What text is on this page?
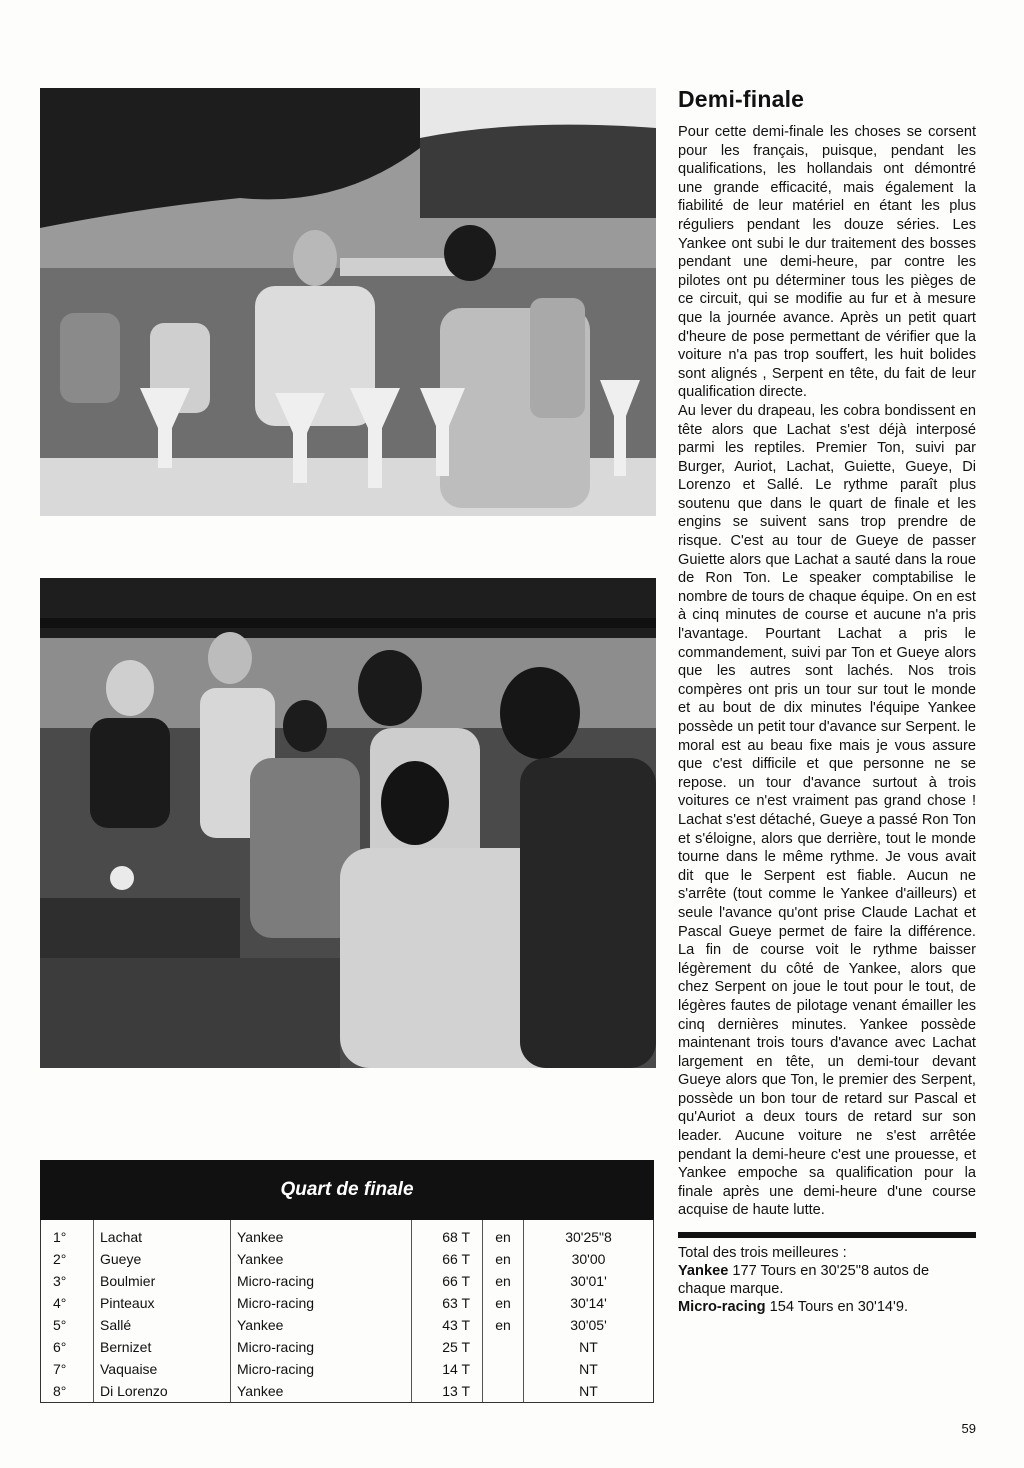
Demi-finale

Pour cette demi-finale les choses se corsent pour les français, puisque, pendant les qualifications, les hollandais ont démontré une grande efficacité, mais également la fiabilité de leur matériel en étant les plus réguliers pendant les douze séries. Les Yankee ont subi le dur traitement des bosses pendant une demi-heure, par contre les pilotes ont pu déterminer tous les pièges de ce circuit, qui se modifie au fur et à mesure que la journée avance. Après un petit quart d'heure de pose permettant de vérifier que la voiture n'a pas trop souffert, les huit bolides sont alignés , Serpent en tête, du fait de leur qualification directe.
Au lever du drapeau, les cobra bondissent en tête alors que Lachat s'est déjà interposé parmi les reptiles. Premier Ton, suivi par Burger, Auriot, Lachat, Guiette, Gueye, Di Lorenzo et Sallé. Le rythme paraît plus soutenu que dans le quart de finale et les engins se suivent sans trop prendre de risque. C'est au tour de Gueye de passer Guiette alors que Lachat a sauté dans la roue de Ron Ton. Le speaker comptabilise le nombre de tours de chaque équipe. On en est à cinq minutes de course et aucune n'a pris l'avantage. Pourtant Lachat a pris le commandement, suivi par Ton et Gueye alors que les autres sont lachés. Nos trois compères ont pris un tour sur tout le monde et au bout de dix minutes l'équipe Yankee possède un petit tour d'avance sur Serpent. le moral est au beau fixe mais je vous assure que c'est difficile et que personne ne se repose. un tour d'avance surtout à trois voitures ce n'est vraiment pas grand chose ! Lachat s'est détaché, Gueye a passé Ron Ton et s'éloigne, alors que derrière, tout le monde tourne dans le même rythme. Je vous avait dit que le Serpent est fiable. Aucun ne s'arrête (tout comme le Yankee d'ailleurs) et seule l'avance qu'ont prise Claude Lachat et Pascal Gueye permet de faire la différence. La fin de course voit le rythme baisser légèrement du côté de Yankee, alors que chez Serpent on joue le tout pour le tout, de légères fautes de pilotage venant émailler les cinq dernières minutes. Yankee possède maintenant trois tours d'avance avec Lachat largement en tête, un demi-tour devant Gueye alors que Ton, le premier des Serpent, possède un bon tour de retard sur Pascal et qu'Auriot a deux tours de retard sur son leader. Aucune voiture ne s'est arrêtée pendant la demi-heure c'est une prouesse, et Yankee empoche sa qualification pour la finale après une demi-heure d'une course acquise de haute lutte.

Total des trois meilleures :
Yankee 177 Tours en 30'25"8 autos de chaque marque.
Micro-racing 154 Tours en 30'14'9.

Quart de finale
1°	Lachat	Yankee	68 T	en	30'25"8
2°	Gueye	Yankee	66 T	en	30'00
3°	Boulmier	Micro-racing	66 T	en	30'01'
4°	Pinteaux	Micro-racing	63 T	en	30'14'
5°	Sallé	Yankee	43 T	en	30'05'
6°	Bernizet	Micro-racing	25 T		NT
7°	Vaquaise	Micro-racing	14 T		NT
8°	Di Lorenzo	Yankee	13 T		NT
59
